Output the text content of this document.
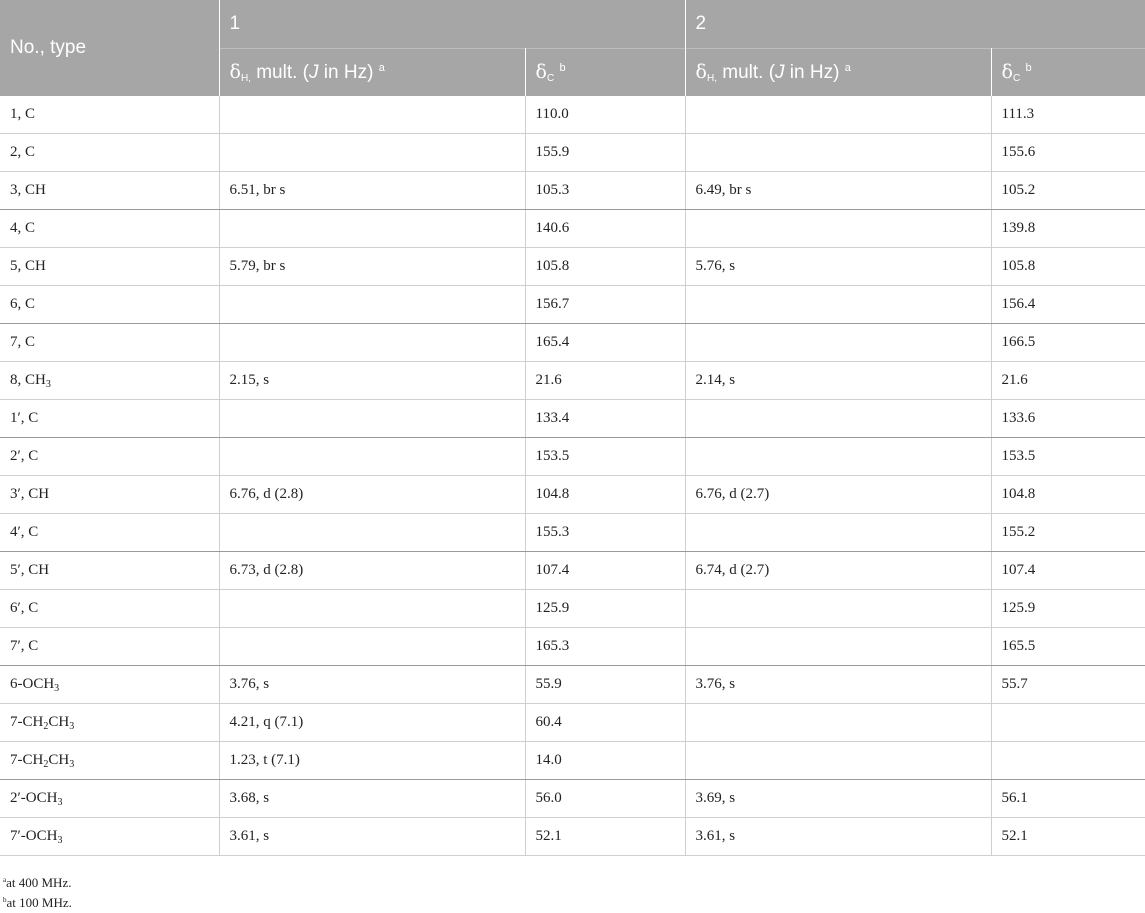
No., type	1		2	
	$\delta_{H,}$ mult. (J in Hz) $^a$	$\delta_C$ $^b$	$\delta_{H,}$ mult. (J in Hz) $^a$	$\delta_C$ $^b$
1, C		110.0		111.3
2, C		155.9		155.6
3, CH	6.51, br s	105.3	6.49, br s	105.2
4, C		140.6		139.8
5, CH	5.79, br s	105.8	5.76, s	105.8
6, C		156.7		156.4
7, C		165.4		166.5
8, $CH_3$	2.15, s	21.6	2.14, s	21.6
1′, C		133.4		133.6
2′, C		153.5		153.5
3′, CH	6.76, d (2.8)	104.8	6.76, d (2.7)	104.8
4′, C		155.3		155.2
5′, CH	6.73, d (2.8)	107.4	6.74, d (2.7)	107.4
6′, C		125.9		125.9
7′, C		165.3		165.5
$6-OCH_3$	3.76, s	55.9	3.76, s	55.7
$7-CH_2CH_3$	4.21, q (7.1)	60.4		
$7-CH_2CH_3$	1.23, t (7.1)	14.0		
$2'-OCH_3$	3.68, s	56.0	3.69, s	56.1
$7'-OCH_3$	3.61, s	52.1	3.61, s	52.1
$^a$at 400 MHz.
$^b$at 100 MHz.
